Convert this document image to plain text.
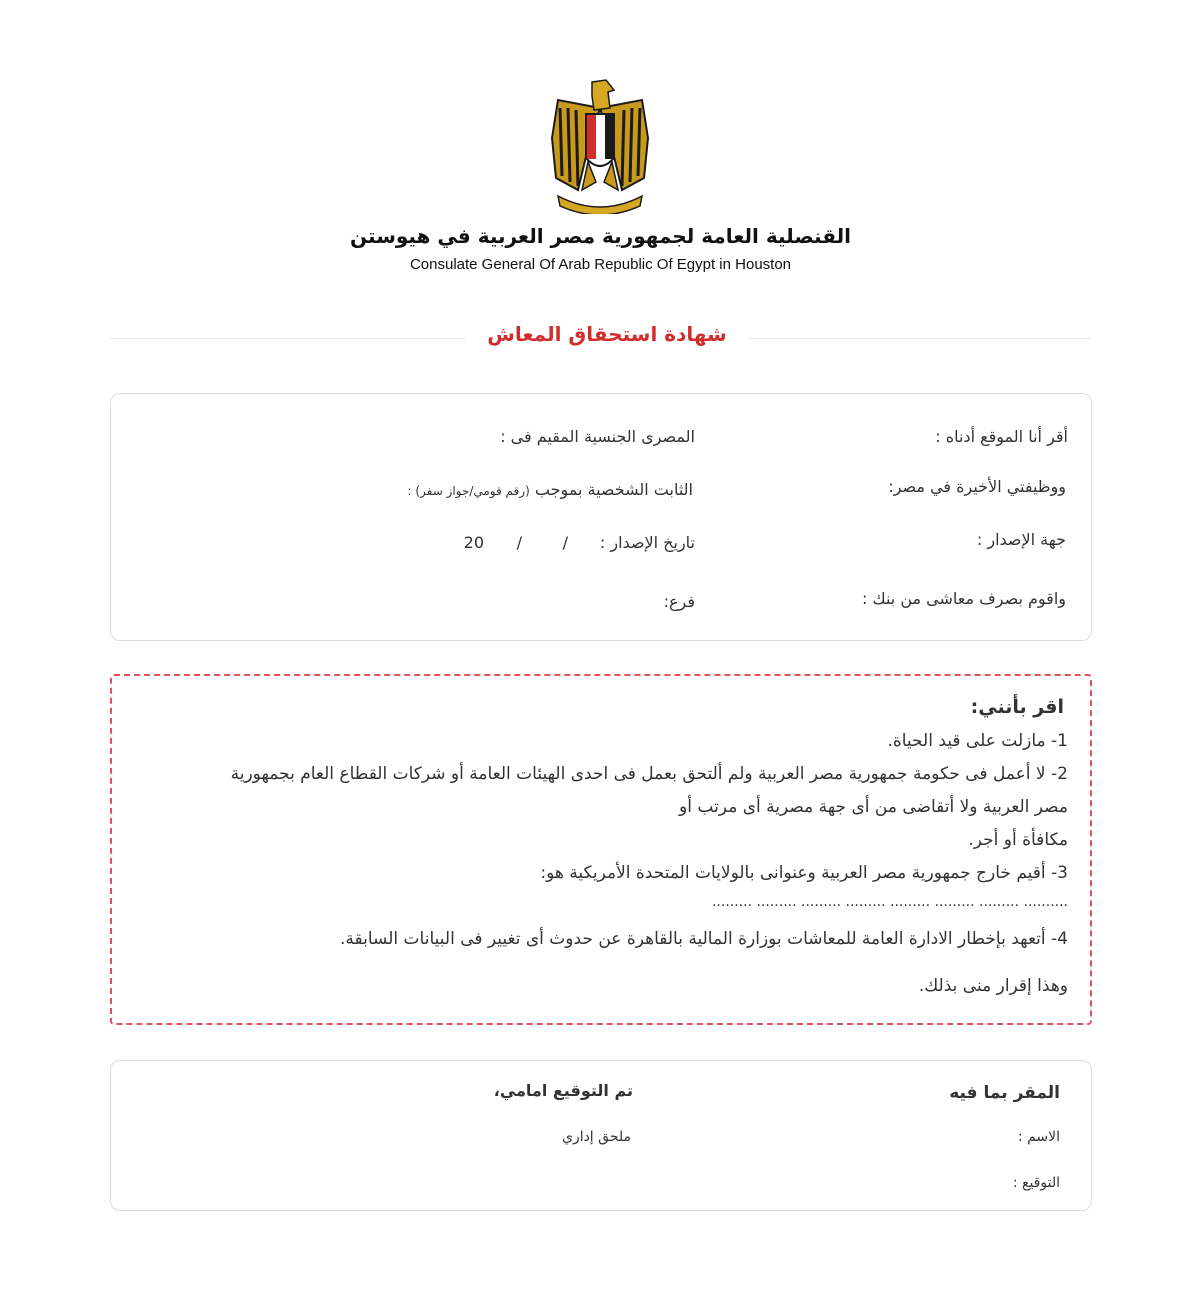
القنصلية العامة لجمهورية مصر العربية في هيوستن
Consulate General Of Arab Republic Of Egypt in Houston
شهادة استحقاق المعاش
أقر أنا الموقع أدناه :
المصرى الجنسية المقيم فى :
ووظيفتي الأخيرة في مصر:
الثابت الشخصية بموجب (رقم قومي/جواز سفر) :
جهة الإصدار :
تاريخ الإصدار :
/
/
20
واقوم بصرف معاشى من بنك :
فرع:
اقر بأنني:
1- مازلت على قيد الحياة.
2- لا أعمل فى حكومة جمهورية مصر العربية ولم ألتحق بعمل فى احدى الهيئات العامة أو شركات القطاع العام بجمهورية
مصر العربية ولا أتقاضى من أى جهة مصرية أى مرتب أو
مكافأة أو أجر.
3- أقيم خارج جمهورية مصر العربية وعنوانى بالولايات المتحدة الأمريكية هو:
.......... ......... ......... ......... ......... ......... ......... .........
4- أتعهد بإخطار الادارة العامة للمعاشات بوزارة المالية بالقاهرة عن حدوث أى تغيير فى البيانات السابقة.
وهذا إقرار منى بذلك.
المقر بما فيه
الاسم :
التوقيع :
تم التوقيع امامي،
ملحق إداري
